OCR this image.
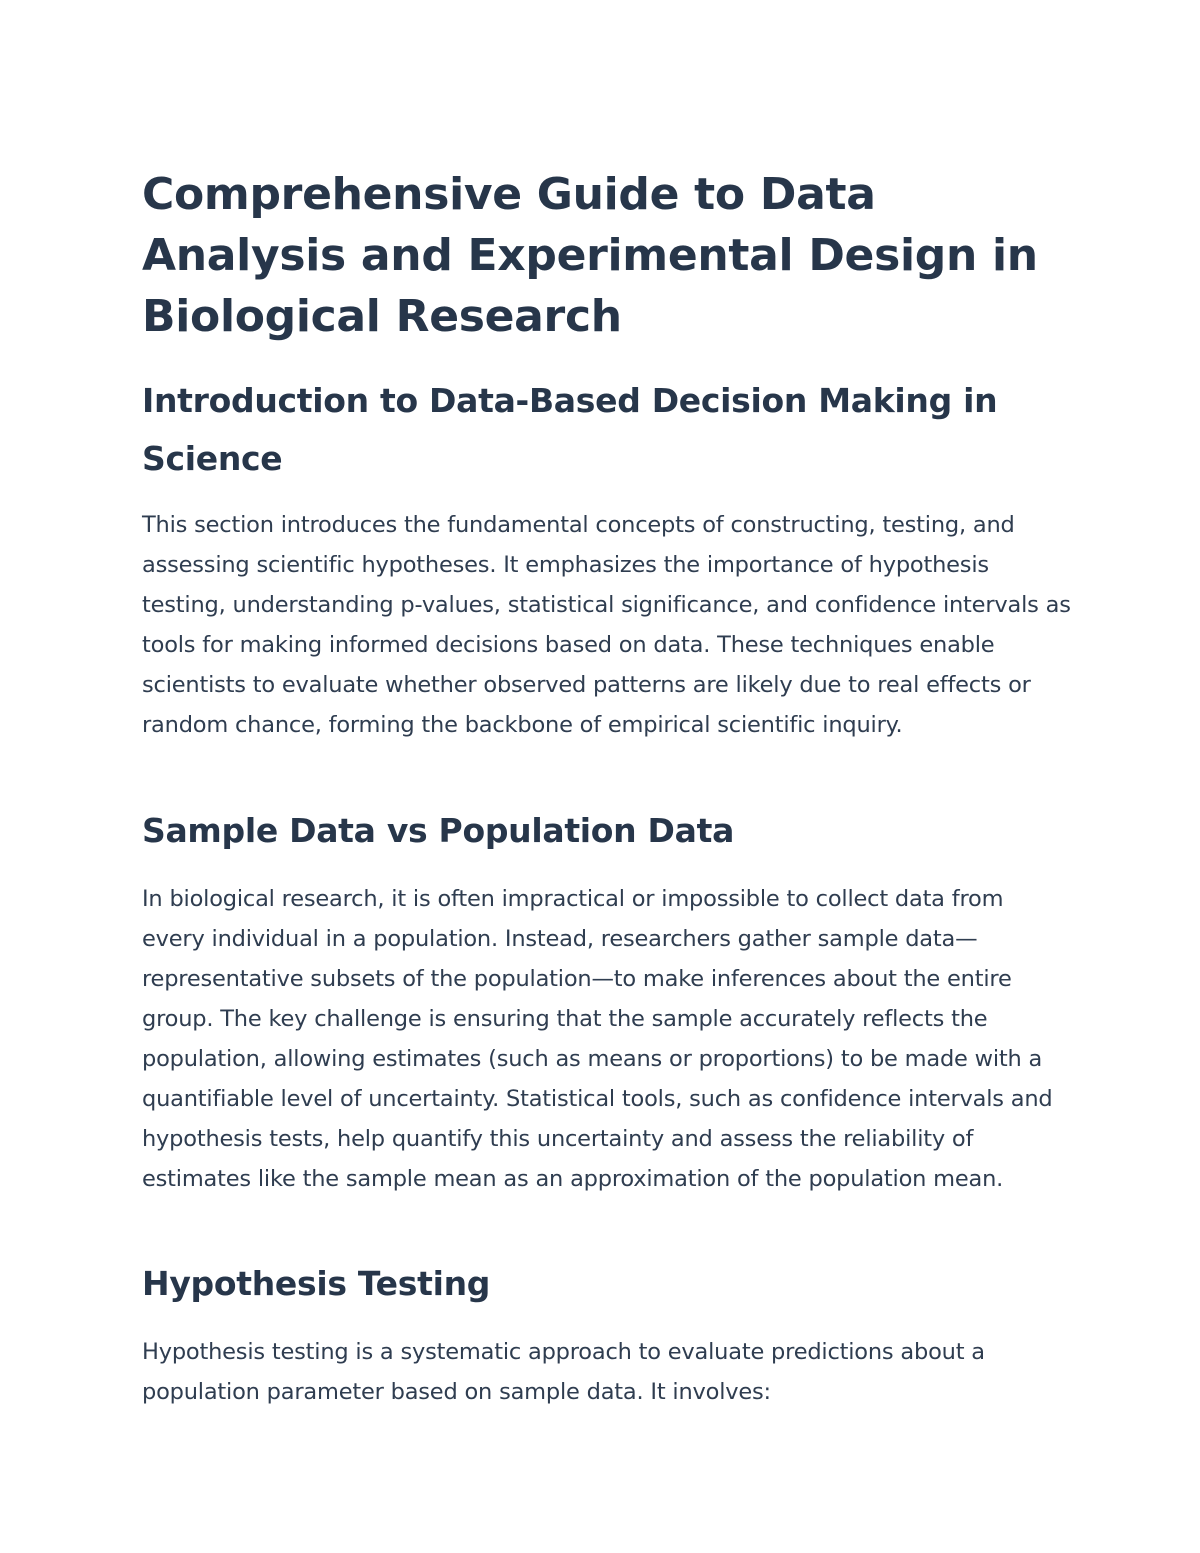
Comprehensive Guide to Data Analysis and Experimental Design in Biological Research
Introduction to Data-Based Decision Making in Science

This section introduces the fundamental concepts of constructing, testing, and assessing scientific hypotheses. It emphasizes the importance of hypothesis testing, understanding p-values, statistical significance, and confidence intervals as tools for making informed decisions based on data. These techniques enable scientists to evaluate whether observed patterns are likely due to real effects or random chance, forming the backbone of empirical scientific inquiry.

Sample Data vs Population Data

In biological research, it is often impractical or impossible to collect data from every individual in a population. Instead, researchers gather sample data—representative subsets of the population—to make inferences about the entire group. The key challenge is ensuring that the sample accurately reflects the population, allowing estimates (such as means or proportions) to be made with a quantifiable level of uncertainty. Statistical tools, such as confidence intervals and hypothesis tests, help quantify this uncertainty and assess the reliability of estimates like the sample mean as an approximation of the population mean.

Hypothesis Testing

Hypothesis testing is a systematic approach to evaluate predictions about a population parameter based on sample data. It involves:
